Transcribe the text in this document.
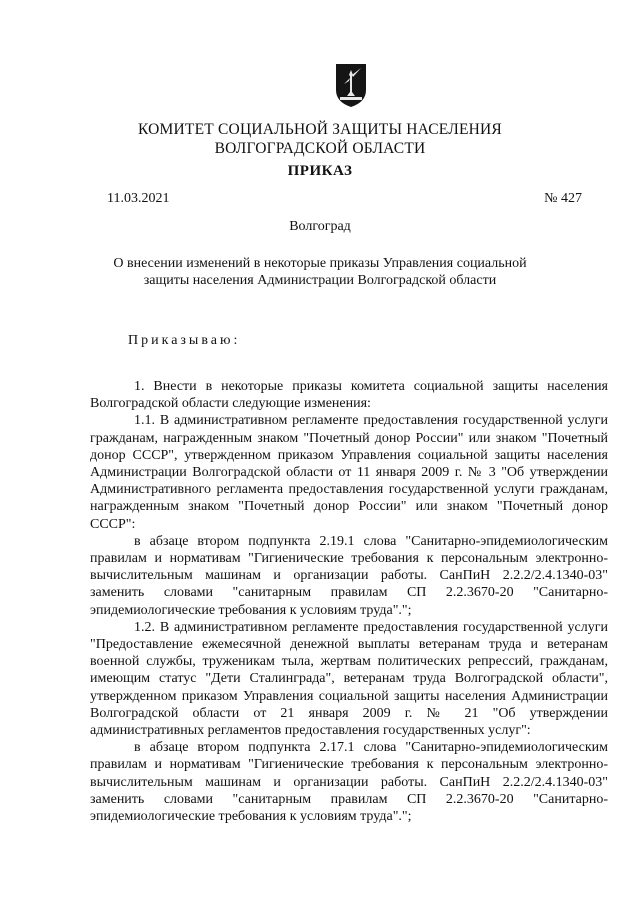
КОМИТЕТ СОЦИАЛЬНОЙ ЗАЩИТЫ НАСЕЛЕНИЯ
ВОЛГОГРАДСКОЙ ОБЛАСТИ
ПРИКАЗ
11.03.2021	№ 427
Волгоград
О внесении изменений в некоторые приказы Управления социальной
защиты населения Администрации Волгоградской области
Приказываю:

1. Внести в некоторые приказы комитета социальной защиты населения Волгоградской области следующие изменения:

1.1. В административном регламенте предоставления государственной услуги гражданам, награжденным знаком "Почетный донор России" или знаком "Почетный донор СССР", утвержденном приказом Управления социальной защиты населения Администрации Волгоградской области от 11 января 2009 г. № 3 "Об утверждении Административного регламента предоставления государственной услуги гражданам, награжденным знаком "Почетный донор России" или знаком "Почетный донор СССР":

в абзаце втором подпункта 2.19.1 слова "Санитарно-эпидемиологическим правилам и нормативам "Гигиенические требования к персональным электронно-вычислительным машинам и организации работы. СанПиН 2.2.2/2.4.1340-03" заменить словами "санитарным правилам СП 2.2.3670-20 "Санитарно-эпидемиологические требования к условиям труда".";

1.2. В административном регламенте предоставления государственной услуги "Предоставление ежемесячной денежной выплаты ветеранам труда и ветеранам военной службы, труженикам тыла, жертвам политических репрессий, гражданам, имеющим статус "Дети Сталинграда", ветеранам труда Волгоградской области", утвержденном приказом Управления социальной защиты населения Администрации Волгоградской области от 21 января 2009 г. № 21 "Об утверждении административных регламентов предоставления государственных услуг":

в абзаце втором подпункта 2.17.1 слова "Санитарно-эпидемиологическим правилам и нормативам "Гигиенические требования к персональным электронно-вычислительным машинам и организации работы. СанПиН 2.2.2/2.4.1340-03" заменить словами "санитарным правилам СП 2.2.3670-20 "Санитарно-эпидемиологические требования к условиям труда".";
